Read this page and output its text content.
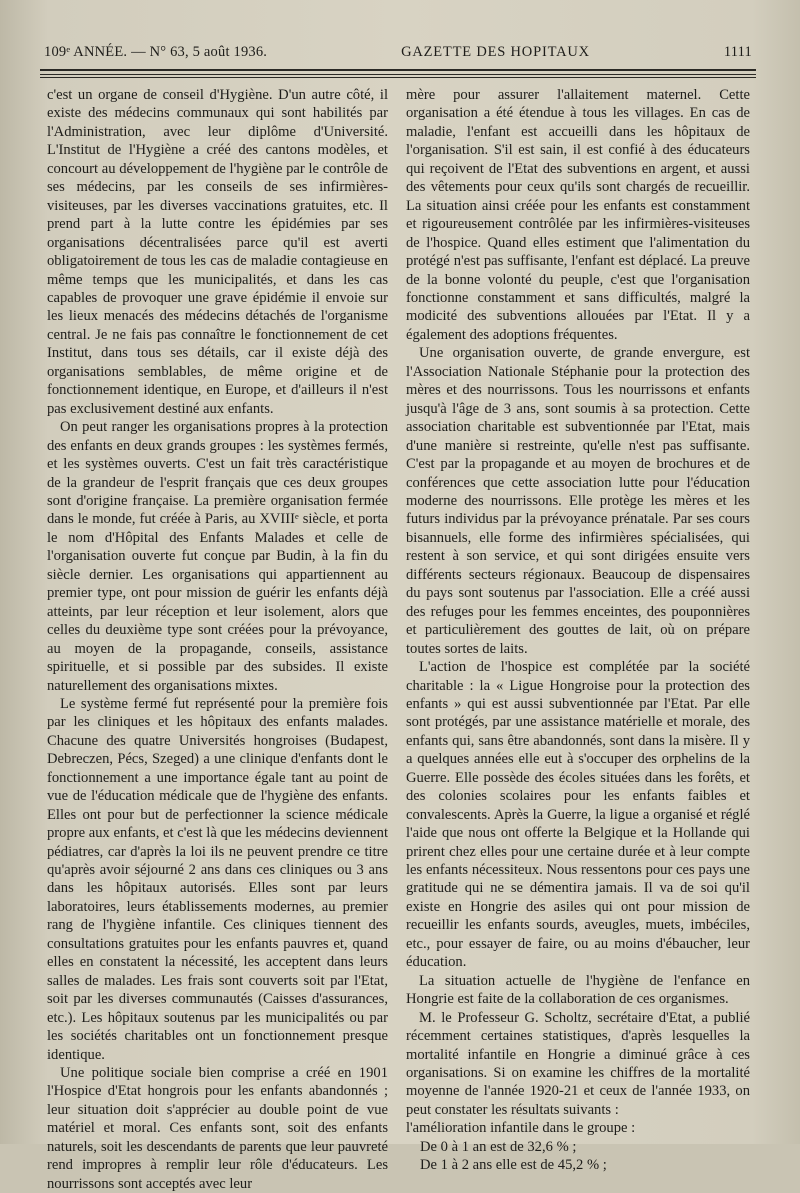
109ᵉ ANNÉE. — N° 63, 5 août 1936.	GAZETTE DES HOPITAUX	1111

c'est un organe de conseil d'Hygiène. D'un autre côté, il existe des médecins communaux qui sont habilités par l'Administration, avec leur diplôme d'Université. L'Institut de l'Hygiène a créé des cantons modèles, et concourt au développement de l'hygiène par le contrôle de ses médecins, par les conseils de ses infirmières-visiteuses, par les diverses vaccinations gratuites, etc. Il prend part à la lutte contre les épidémies par ses organisations décentralisées parce qu'il est averti obligatoirement de tous les cas de maladie contagieuse en même temps que les municipalités, et dans les cas capables de provoquer une grave épidémie il envoie sur les lieux menacés des médecins détachés de l'organisme central. Je ne fais pas connaître le fonctionnement de cet Institut, dans tous ses détails, car il existe déjà des organisations semblables, de même origine et de fonctionnement identique, en Europe, et d'ailleurs il n'est pas exclusivement destiné aux enfants.

On peut ranger les organisations propres à la protection des enfants en deux grands groupes : les systèmes fermés, et les systèmes ouverts. C'est un fait très caractéristique de la grandeur de l'esprit français que ces deux groupes sont d'origine française. La première organisation fermée dans le monde, fut créée à Paris, au XVIIIᵉ siècle, et porta le nom d'Hôpital des Enfants Malades et celle de l'organisation ouverte fut conçue par Budin, à la fin du siècle dernier. Les organisations qui appartiennent au premier type, ont pour mission de guérir les enfants déjà atteints, par leur réception et leur isolement, alors que celles du deuxième type sont créées pour la prévoyance, au moyen de la propagande, conseils, assistance spirituelle, et si possible par des subsides. Il existe naturellement des organisations mixtes.

Le système fermé fut représenté pour la première fois par les cliniques et les hôpitaux des enfants malades. Chacune des quatre Universités hongroises (Budapest, Debreczen, Pécs, Szeged) a une clinique d'enfants dont le fonctionnement a une importance égale tant au point de vue de l'éducation médicale que de l'hygiène des enfants. Elles ont pour but de perfectionner la science médicale propre aux enfants, et c'est là que les médecins deviennent pédiatres, car d'après la loi ils ne peuvent prendre ce titre qu'après avoir séjourné 2 ans dans ces cliniques ou 3 ans dans les hôpitaux autorisés. Elles sont par leurs laboratoires, leurs établissements modernes, au premier rang de l'hygiène infantile. Ces cliniques tiennent des consultations gratuites pour les enfants pauvres et, quand elles en constatent la nécessité, les acceptent dans leurs salles de malades. Les frais sont couverts soit par l'Etat, soit par les diverses communautés (Caisses d'assurances, etc.). Les hôpitaux soutenus par les municipalités ou par les sociétés charitables ont un fonctionnement presque identique.

Une politique sociale bien comprise a créé en 1901 l'Hospice d'Etat hongrois pour les enfants abandonnés ; leur situation doit s'apprécier au double point de vue matériel et moral. Ces enfants sont, soit des enfants naturels, soit les descendants de parents que leur pauvreté rend impropres à remplir leur rôle d'éducateurs. Les nourrissons sont acceptés avec leur

mère pour assurer l'allaitement maternel. Cette organisation a été étendue à tous les villages. En cas de maladie, l'enfant est accueilli dans les hôpitaux de l'organisation. S'il est sain, il est confié à des éducateurs qui reçoivent de l'Etat des subventions en argent, et aussi des vêtements pour ceux qu'ils sont chargés de recueillir. La situation ainsi créée pour les enfants est constamment et rigoureusement contrôlée par les infirmières-visiteuses de l'hospice. Quand elles estiment que l'alimentation du protégé n'est pas suffisante, l'enfant est déplacé. La preuve de la bonne volonté du peuple, c'est que l'organisation fonctionne constamment et sans difficultés, malgré la modicité des subventions allouées par l'Etat. Il y a également des adoptions fréquentes.

Une organisation ouverte, de grande envergure, est l'Association Nationale Stéphanie pour la protection des mères et des nourrissons. Tous les nourrissons et enfants jusqu'à l'âge de 3 ans, sont soumis à sa protection. Cette association charitable est subventionnée par l'Etat, mais d'une manière si restreinte, qu'elle n'est pas suffisante. C'est par la propagande et au moyen de brochures et de conférences que cette association lutte pour l'éducation moderne des nourrissons. Elle protège les mères et les futurs individus par la prévoyance prénatale. Par ses cours bisannuels, elle forme des infirmières spécialisées, qui restent à son service, et qui sont dirigées ensuite vers différents secteurs régionaux. Beaucoup de dispensaires du pays sont soutenus par l'association. Elle a créé aussi des refuges pour les femmes enceintes, des pouponnières et particulièrement des gouttes de lait, où on prépare toutes sortes de laits.

L'action de l'hospice est complétée par la société charitable : la « Ligue Hongroise pour la protection des enfants » qui est aussi subventionnée par l'Etat. Par elle sont protégés, par une assistance matérielle et morale, des enfants qui, sans être abandonnés, sont dans la misère. Il y a quelques années elle eut à s'occuper des orphelins de la Guerre. Elle possède des écoles situées dans les forêts, et des colonies scolaires pour les enfants faibles et convalescents. Après la Guerre, la ligue a organisé et réglé l'aide que nous ont offerte la Belgique et la Hollande qui prirent chez elles pour une certaine durée et à leur compte les enfants nécessiteux. Nous ressentons pour ces pays une gratitude qui ne se démentira jamais. Il va de soi qu'il existe en Hongrie des asiles qui ont pour mission de recueillir les enfants sourds, aveugles, muets, imbéciles, etc., pour essayer de faire, ou au moins d'ébaucher, leur éducation.

La situation actuelle de l'hygiène de l'enfance en Hongrie est faite de la collaboration de ces organismes.

M. le Professeur G. Scholtz, secrétaire d'Etat, a publié récemment certaines statistiques, d'après lesquelles la mortalité infantile en Hongrie a diminué grâce à ces organisations. Si on examine les chiffres de la mortalité moyenne de l'année 1920-21 et ceux de l'année 1933, on peut constater les résultats suivants :

l'amélioration infantile dans le groupe :

De 0 à 1 an est de 32,6 % ;

De 1 à 2 ans elle est de 45,2 % ;
